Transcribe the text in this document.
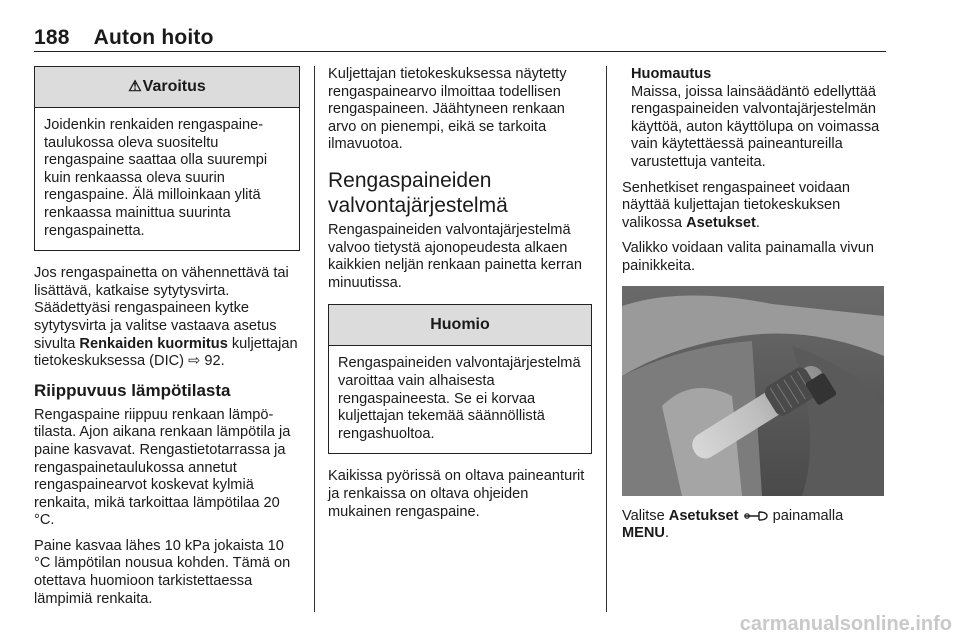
188 Auton hoito
⚠Varoitus

Joidenkin renkaiden rengaspainetaulukossa oleva suositeltu rengaspaine saattaa olla suurempi kuin renkaassa oleva suurin rengaspaine. Älä milloinkaan ylitä renkaassa mainittua suurinta rengaspainetta.

Jos rengaspainetta on vähennettävä tai lisättävä, katkaise sytytysvirta. Säädettyäsi rengaspaineen kytke sytytysvirta ja valitse vastaava asetus sivulta Renkaiden kuormitus kuljettajan tietokeskuksessa (DIC) ⇨ 92.

Riippuvuus lämpötilasta

Rengaspaine riippuu renkaan lämpötilasta. Ajon aikana renkaan lämpötila ja paine kasvavat. Rengastietotarrassa ja rengaspainetaulukossa annetut rengaspainearvot koskevat kylmiä renkaita, mikä tarkoittaa lämpötilaa 20 °C.

Paine kasvaa lähes 10 kPa jokaista 10 °C lämpötilan nousua kohden. Tämä on otettava huomioon tarkistettaessa lämpimiä renkaita.

Kuljettajan tietokeskuksessa näytetty rengaspainearvo ilmoittaa todellisen rengaspaineen. Jäähtyneen renkaan arvo on pienempi, eikä se tarkoita ilmavuotoa.

Rengaspaineiden valvontajärjestelmä

Rengaspaineiden valvontajärjestelmä valvoo tietystä ajonopeudesta alkaen kaikkien neljän renkaan painetta kerran minuutissa.

Huomio

Rengaspaineiden valvontajärjestelmä varoittaa vain alhaisesta rengaspaineesta. Se ei korvaa kuljettajan tekemää säännöllistä rengashuoltoa.

Kaikissa pyörissä on oltava paineanturit ja renkaissa on oltava ohjeiden mukainen rengaspaine.

Huomautus
Maissa, joissa lainsäädäntö edellyttää rengaspaineiden valvontajärjestelmän käyttöä, auton käyttölupa on voimassa vain käytettäessä paineantureilla varustettuja vanteita.

Senhetkiset rengaspaineet voidaan näyttää kuljettajan tietokeskuksen valikossa Asetukset.

Valikko voidaan valita painamalla vivun painikkeita.

Valitse Asetukset  painamalla
MENU.

carmanualsonline.info
